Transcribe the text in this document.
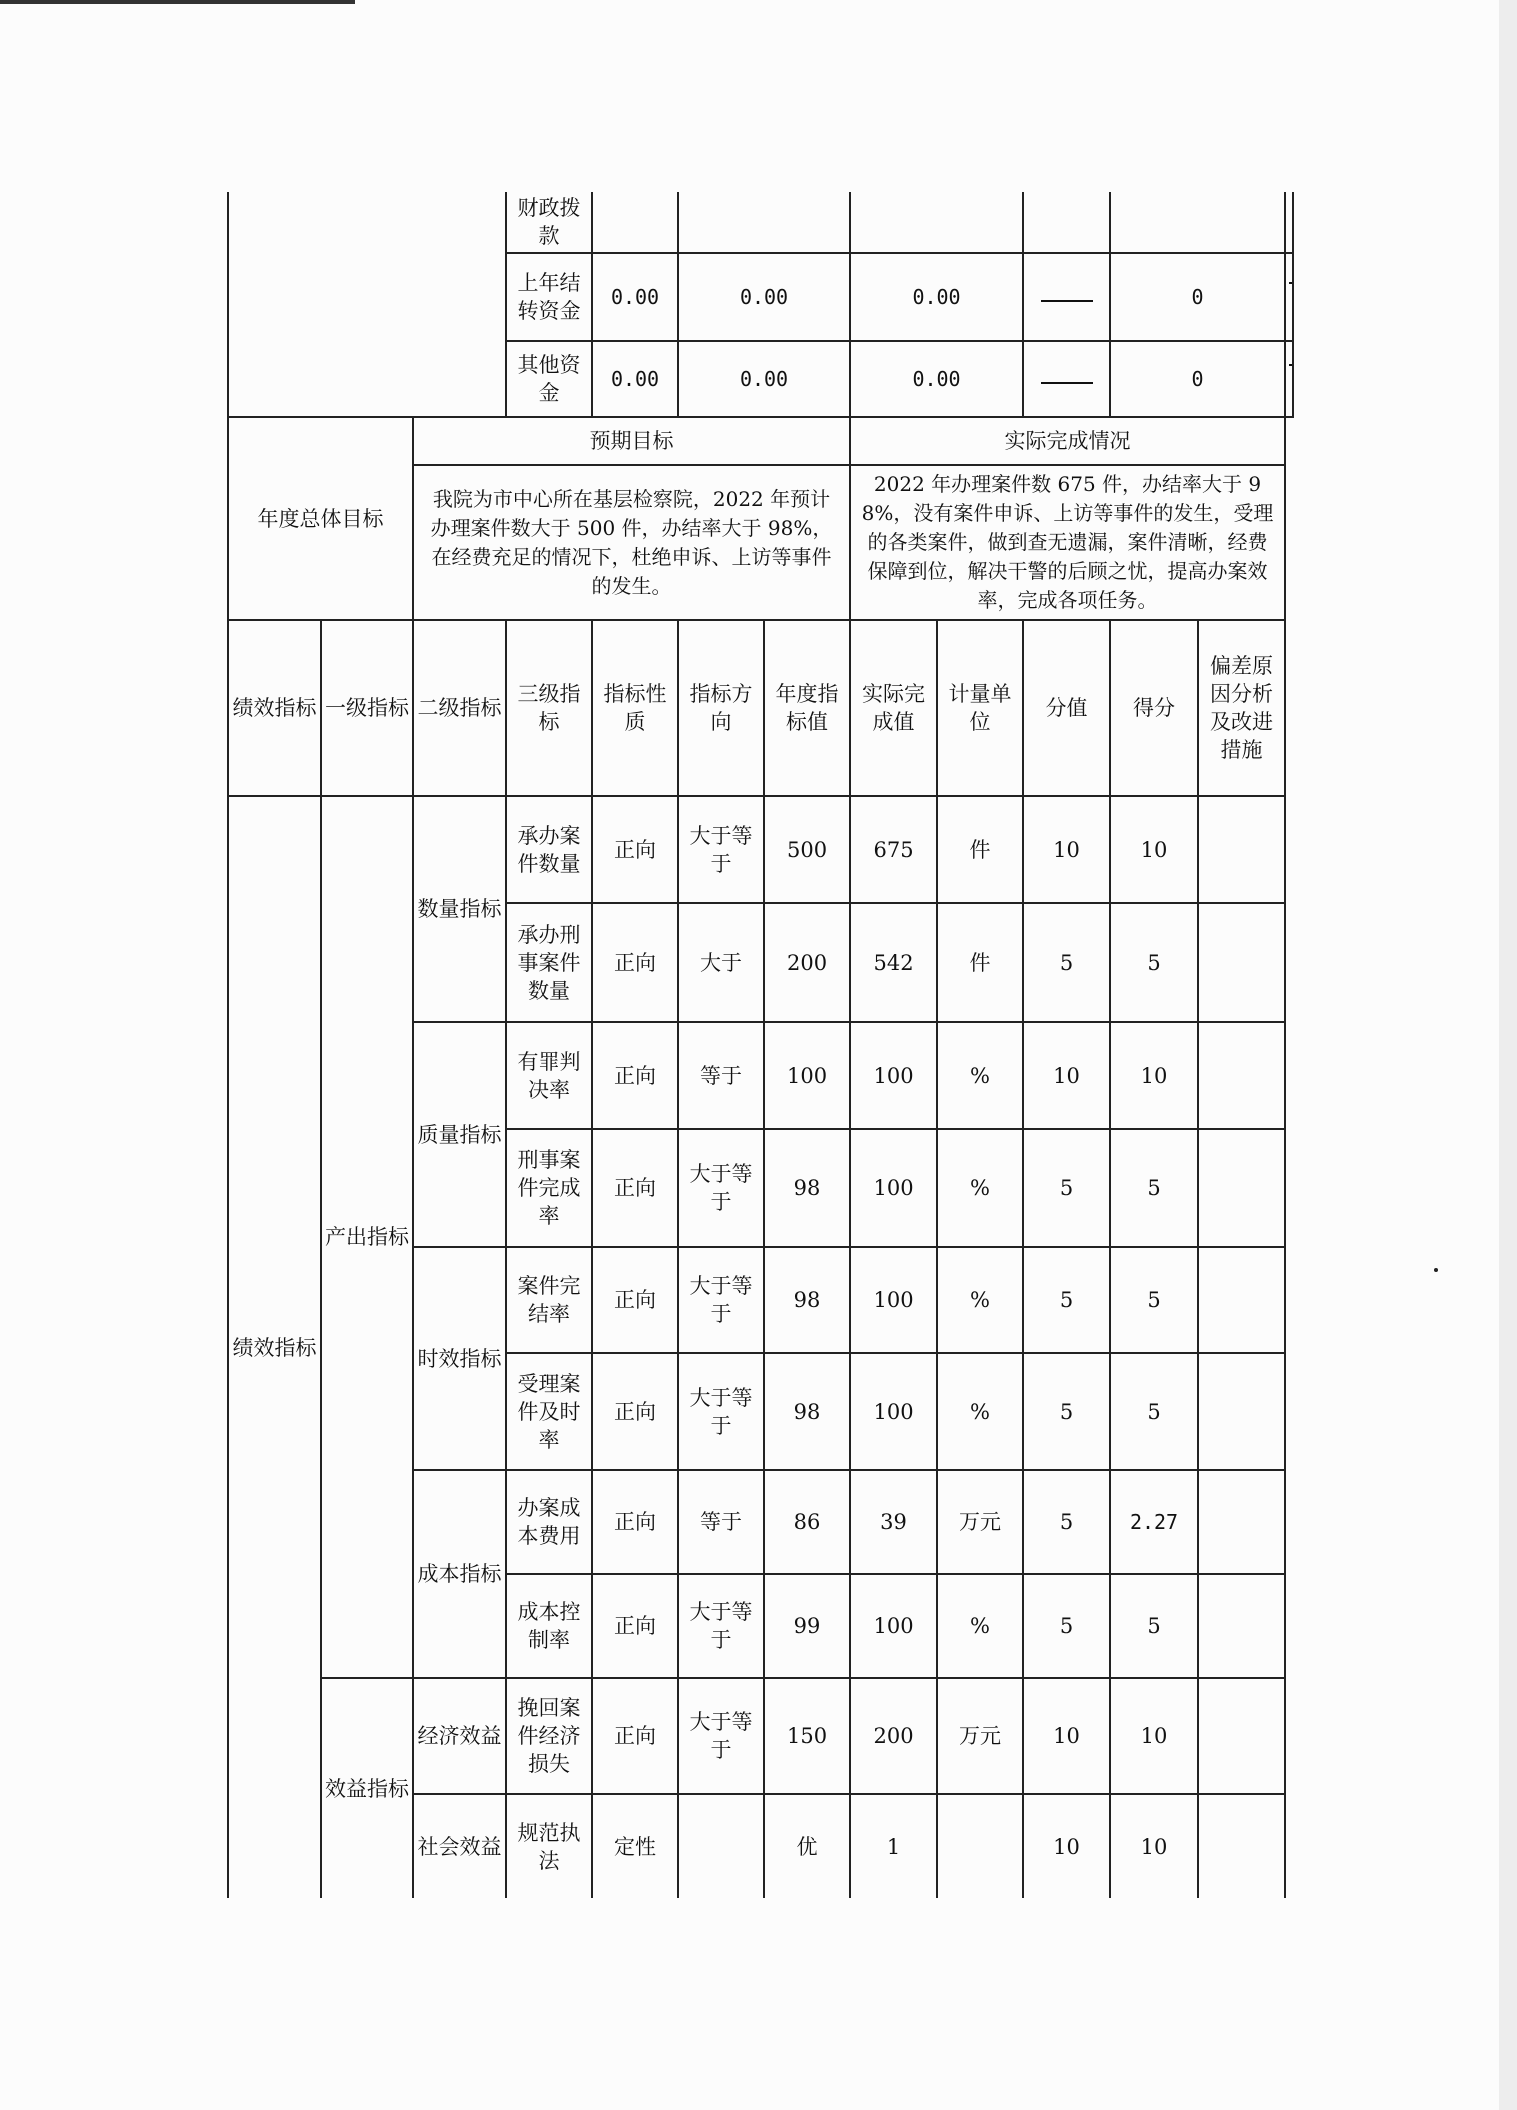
			财政拨款									
			上年结转资金	0.00	0.00		0.00			0	
			其他资金	0.00	0.00		0.00			0	
年度总体目标		预期目标					实际完成情况					
		我院为市中心所在基层检察院，2022 年预计办理案件数大于 500 件，办结率大于 98%，在经费充足的情况下，杜绝申诉、上访等事件的发生。					2022 年办理案件数 675 件，办结率大于 98%，没有案件申诉、上访等事件的发生，受理的各类案件，做到查无遗漏，案件清晰，经费保障到位，解决干警的后顾之忧，提高办案效率，完成各项任务。					
绩效指标	一级指标	二级指标	三级指标	指标性质	指标方向	年度指标值	实际完成值	计量单位	分值	得分	偏差原因分析及改进措施	
绩效指标	产出指标	数量指标	承办案件数量	正向	大于等于	500	675	件	10	10		
			承办刑事案件数量	正向	大于	200	542	件	5	5		
		质量指标	有罪判决率	正向	等于	100	100	%	10	10		
			刑事案件完成率	正向	大于等于	98	100	%	5	5		
		时效指标	案件完结率	正向	大于等于	98	100	%	5	5		
			受理案件及时率	正向	大于等于	98	100	%	5	5		
		成本指标	办案成本费用	正向	等于	86	39	万元	5	2.27		
			成本控制率	正向	大于等于	99	100	%	5	5		
	效益指标	经济效益	挽回案件经济损失	正向	大于等于	150	200	万元	10	10		
		社会效益	规范执法	定性		优	1		10	10		
